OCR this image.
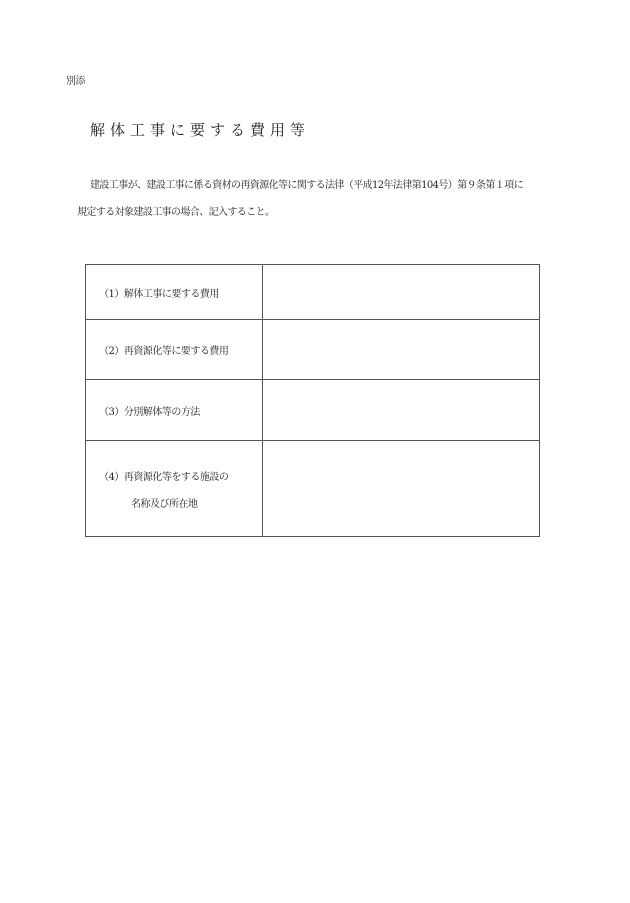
別添
解体工事に要する費用等
建設工事が、建設工事に係る資材の再資源化等に関する法律（平成12年法律第104号）第９条第１項に
規定する対象建設工事の場合、記入すること。
（1）解体工事に要する費用	
（2）再資源化等に要する費用	
（3）分別解体等の方法	
（4）再資源化等をする施設の
名称及び所在地	
